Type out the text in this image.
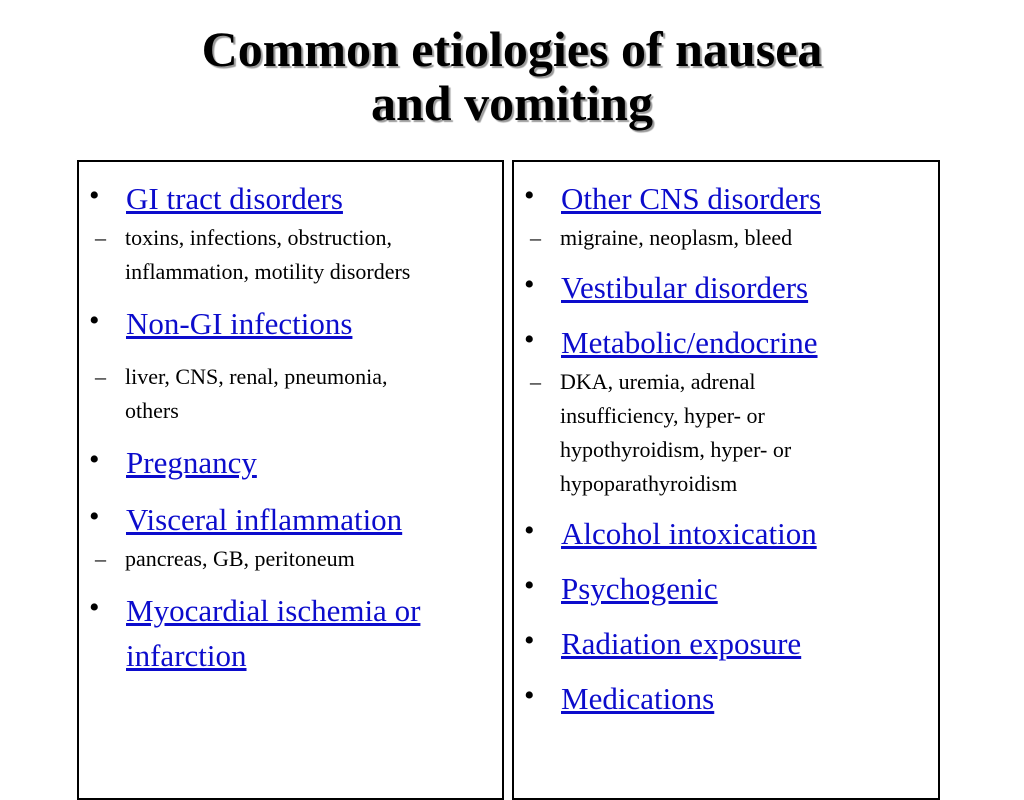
Common etiologies of nausea
and vomiting
• GI tract disorders
– toxins, infections, obstruction, inflammation, motility disorders
• Non-GI infections
– liver, CNS, renal, pneumonia, others
• Pregnancy
• Visceral inflammation
– pancreas, GB, peritoneum
• Myocardial ischemia or infarction
• Other CNS disorders
– migraine, neoplasm, bleed
• Vestibular disorders
• Metabolic/endocrine
– DKA, uremia, adrenal insufficiency, hyper- or hypothyroidism, hyper- or hypoparathyroidism
• Alcohol intoxication
• Psychogenic
• Radiation exposure
• Medications
